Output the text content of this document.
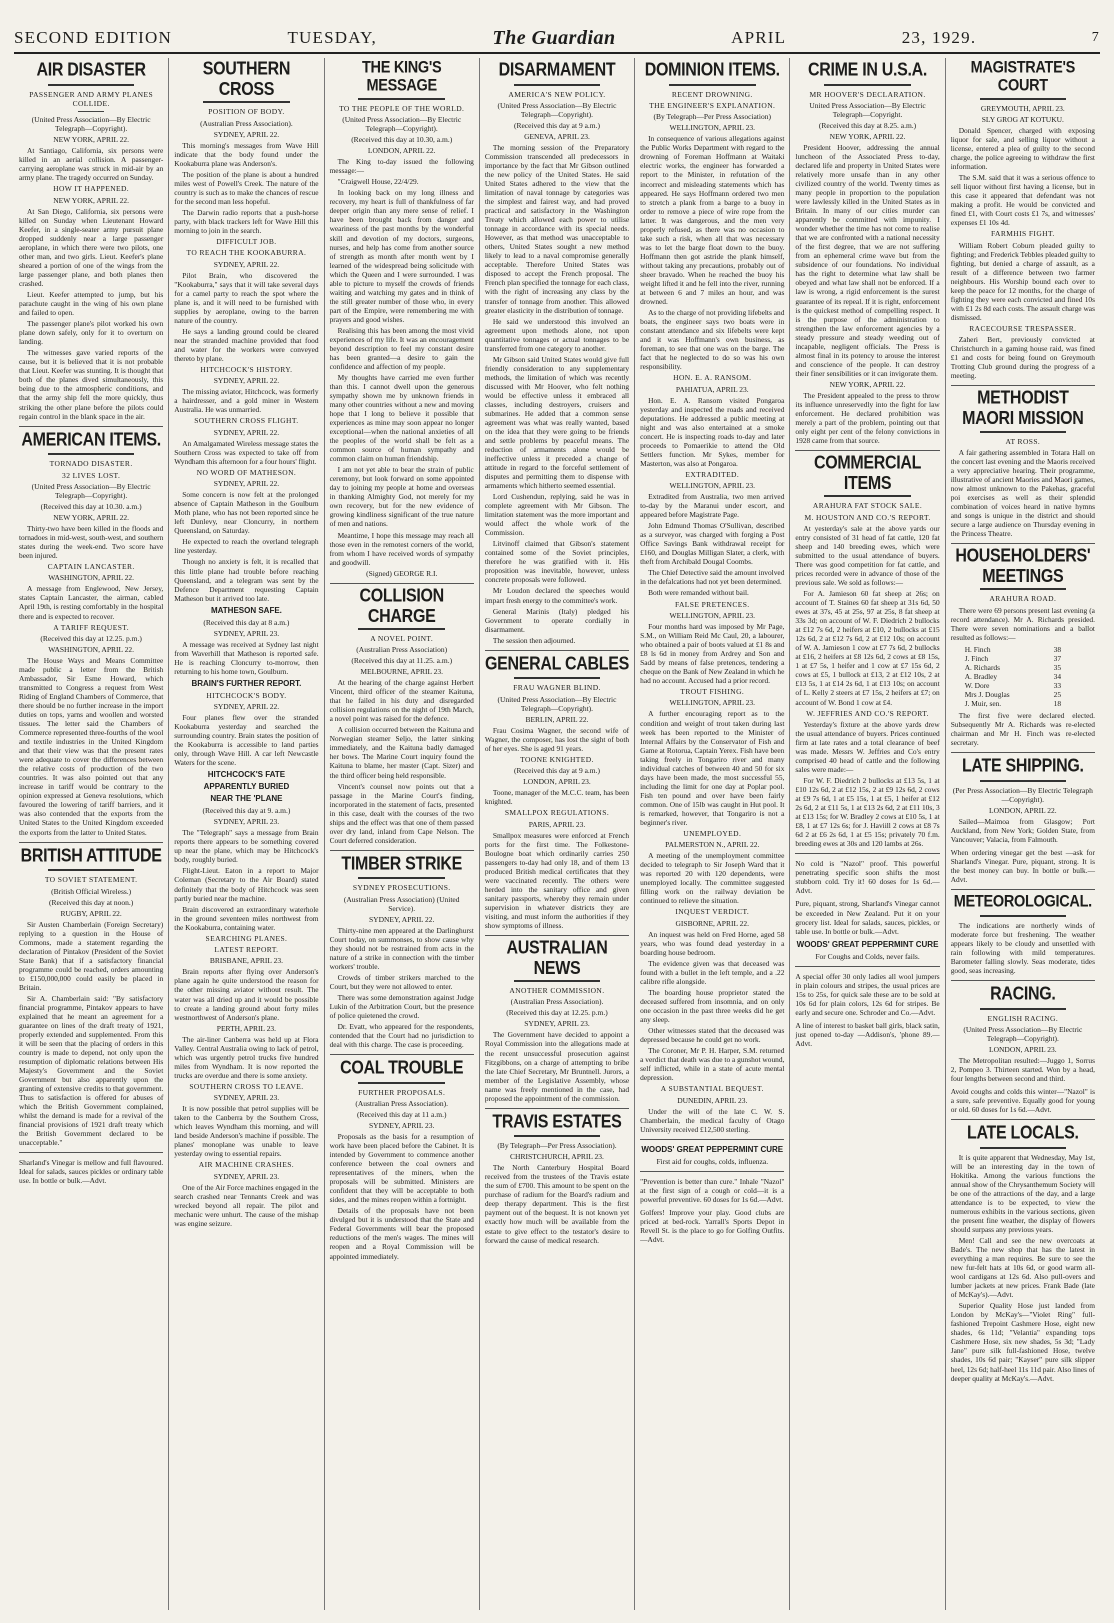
SECOND EDITION	TUESDAY,	The Guardian	APRIL	23, 1929.	7
AIR DISASTER
PASSENGER AND ARMY PLANES COLLIDE.
(United Press Association—By Electric Telegraph—Copyright).
NEW YORK, APRIL 22.

At Santiago, California, six persons were killed in an aerial collision. A passenger-carrying aeroplane was struck in mid-air by an army plane. The tragedy occurred on Sunday.

HOW IT HAPPENED.
NEW YORK, APRIL 22.

At San Diego, California, six persons were killed on Sunday when Lieutenant Howard Keefer, in a single-seater army pursuit plane dropped suddenly near a large passenger aeroplane, in which there were two pilots, one other man, and two girls. Lieut. Keefer's plane sheared a portion of one of the wings from the large passenger plane, and both planes then crashed.

Lieut. Keefer attempted to jump, but his parachute caught in the wing of his own plane and failed to open.

The passenger plane's pilot worked his own plane down safely, only for it to overturn on landing.

The witnesses gave varied reports of the cause, but it is believed that it is not probable that Lieut. Keefer was stunting. It is thought that both of the planes dived simultaneously, this being due to the atmospheric conditions, and that the army ship fell the more quickly, thus striking the other plane before the pilots could regain control in the blank space in the air.

AMERICAN ITEMS.
TORNADO DISASTER.
32 LIVES LOST.
(United Press Association—By Electric Telegraph—Copyright).
(Received this day at 10.30. a.m.)
NEW YORK, APRIL 22.

Thirty-two have been killed in the floods and tornadoes in mid-west, south-west, and southern states during the week-end. Two score have been injured.

CAPTAIN LANCASTER.
WASHINGTON, APRIL 22.

A message from Englewood, New Jersey, states Captain Lancaster, the airman, cabled April 19th, is resting comfortably in the hospital there and is expected to recover.

A TARIFF REQUEST.
(Received this day at 12.25. p.m.)
WASHINGTON, APRIL 22.

The House Ways and Means Committee made public a letter from the British Ambassador, Sir Esme Howard, which transmitted to Congress a request from West Riding of England Chambers of Commerce, that there should be no further increase in the import duties on tops, yarns and woollen and worsted tissues. The letter said the Chambers of Commerce represented three-fourths of the wool and textile industries in the United Kingdom and that their view was that the present rates were adequate to cover the differences between the relative costs of production of the two countries. It was also pointed out that any increase in tariff would be contrary to the opinion expressed at Geneva resolutions, which favoured the lowering of tariff barriers, and it was also contended that the exports from the United States to the United Kingdom exceeded the exports from the latter to United States.

BRITISH ATTITUDE
TO SOVIET STATEMENT.
(British Official Wireless.)
(Received this day at noon.)
RUGBY, APRIL 22.

Sir Austen Chamberlain (Foreign Secretary) replying to a question in the House of Commons, made a statement regarding the declaration of Pintakov (President of the Soviet State Bank) that if a satisfactory financial programme could be reached, orders amounting to £150,000,000 could easily be placed in Britain.

Sir A. Chamberlain said: "By satisfactory financial programme, Pintakov appears to have explained that he meant an agreement for a guarantee on lines of the draft treaty of 1921, properly extended and supplemented. From this it will be seen that the placing of orders in this country is made to depend, not only upon the resumption of diplomatic relations between His Majesty's Government and the Soviet Government but also apparently upon the granting of extensive credits to that government. Thus to satisfaction is offered for abuses of which the British Government complained, whilst the demand is made for a revival of the financial provisions of 1921 draft treaty which the British Government declared to be unacceptable."

Sharland's Vinegar is mellow and full flavoured. Ideal for salads, sauces pickles or ordinary table use. In bottle or bulk.—Advt.

SOUTHERN CROSS
POSITION OF BODY.
(Australian Press Association).
SYDNEY, APRIL 22.

This morning's messages from Wave Hill indicate that the body found under the Kookaburra plane was Anderson's.

The position of the plane is about a hundred miles west of Powell's Creek. The nature of the country is such as to make the chances of rescue for the second man less hopeful.

The Darwin radio reports that a push-horse party, with black trackers left for Wave Hill this morning to join in the search.

DIFFICULT JOB.
TO REACH THE KOOKABURRA.
SYDNEY, APRIL 22.

Pilot Brain, who discovered the "Kookaburra," says that it will take several days for a camel party to reach the spot where the plane is, and it will need to be furnished with supplies by aeroplane, owing to the barren nature of the country.

He says a landing ground could be cleared near the stranded machine provided that food and water for the workers were conveyed thereto by plane.

HITCHCOCK'S HISTORY.
SYDNEY, APRIL 22.

The missing aviator, Hitchcock, was formerly a hairdresser, and a gold miner in Western Australia. He was unmarried.

SOUTHERN CROSS FLIGHT.
SYDNEY, APRIL 22.

An Amalgamated Wireless message states the Southern Cross was expected to take off from Wyndham this afternoon for a four hours' flight.

NO WORD OF MATHESON.
SYDNEY, APRIL 22.

Some concern is now felt at the prolonged absence of Captain Matheson in the Goulburn Moth plane, who has not been reported since he left Dunlevy, near Cloncurry, in northern Queensland, on Saturday.

He expected to reach the overland telegraph line yesterday.

Though no anxiety is felt, it is recalled that this little plane had trouble before reaching Queensland, and a telegram was sent by the Defence Department requesting Captain Matheson but it arrived too late.

MATHESON SAFE.
(Received this day at 8 a.m.)
SYDNEY, APRIL 23.

A message was received at Sydney last night from Waverhill that Matheson is reported safe. He is reaching Cloncurry to-morrow, then returning to his home town, Goulburn.

BRAIN'S FURTHER REPORT.
HITCHCOCK'S BODY.
SYDNEY, APRIL 22.

Four planes flew over the stranded Kookaburra yesterday and searched the surrounding country. Brain states the position of the Kookaburra is accessible to land parties only, through Wave Hill. A car left Newcastle Waters for the scene.

HITCHCOCK'S FATE
APPARENTLY BURIED
NEAR THE 'PLANE
(Received this day at 9. a.m.)
SYDNEY, APRIL 23.

The "Telegraph" says a message from Brain reports there appears to be something covered up near the plane, which may be Hitchcock's body, roughly buried.

Flight-Lieut. Eaton in a report to Major Coleman (Secretary to the Air Board) stated definitely that the body of Hitchcock was seen partly buried near the machine.

Brain discovered an extraordinary waterhole in the ground seventeen miles northwest from the Kookaburra, containing water.

SEARCHING PLANES.
LATEST REPORT.
BRISBANE, APRIL 23.

Brain reports after flying over Anderson's plane again he quite understood the reason for the other missing aviator without result. The water was all dried up and it would be possible to create a landing ground about forty miles westnorthwest of Anderson's plane.

PERTH, APRIL 23.

The air-liner Canberra was held up at Flora Valley. Central Australia owing to lack of petrol, which was urgently petrol trucks five hundred miles from Wyndham. It is now reported the trucks are overdue and there is some anxiety.

SOUTHERN CROSS TO LEAVE.
SYDNEY, APRIL 23.

It is now possible that petrol supplies will be taken to the Canberra by the Southern Cross, which leaves Wyndham this morning, and will land beside Anderson's machine if possible. The planes' monoplane was unable to leave yesterday owing to essential repairs.

AIR MACHINE CRASHES.
SYDNEY, APRIL 23.

One of the Air Force machines engaged in the search crashed near Tennants Creek and was wrecked beyond all repair. The pilot and mechanic were unhurt. The cause of the mishap was engine seizure.

THE KING'S MESSAGE
TO THE PEOPLE OF THE WORLD.
(United Press Association—By Electric Telegraph—Copyright).
(Received this day at 10.30, a.m.)
LONDON, APRIL 22.

The King to-day issued the following message:—

"Craigwell House, 22/4/29.

In looking back on my long illness and recovery, my heart is full of thankfulness of far deeper origin than any mere sense of relief. I have been brought back from danger and weariness of the past months by the wonderful skill and devotion of my doctors, surgeons, nurses, and help has come from another source of strength as month after month went by I learned of the widespread being solicitude with which the Queen and I were surrounded. I was able to picture to myself the crowds of friends waiting and watching my gates and in think of the still greater number of those who, in every part of the Empire, were remembering me with prayers and good wishes.

Realising this has been among the most vivid experiences of my life. It was an encouragement beyond description to feel my constant desire has been granted—a desire to gain the confidence and affection of my people.

My thoughts have carried me even further than this. I cannot dwell upon the generous sympathy shown me by unknown friends in many other countries without a new and moving hope that I long to believe it possible that experiences as mine may soon appear no longer exceptional—when the national anxieties of all the peoples of the world shall be felt as a common source of human sympathy and common claim on human friendship.

I am not yet able to bear the strain of public ceremony, but look forward on some appointed day to joining my people at home and overseas in thanking Almighty God, not merely for my own recovery, but for the new evidence of growing kindliness significant of the true nature of men and nations.

Meantime, I hope this message may reach all those even in the remotest corners of the world, from whom I have received words of sympathy and goodwill.

(Signed) GEORGE R.I.
COLLISION CHARGE
A NOVEL POINT.
(Australian Press Association)
(Received this day at 11.25. a.m.)
MELBOURNE, APRIL 23.

At the hearing of the charge against Herbert Vincent, third officer of the steamer Kaituna, that he failed in his duty and disregarded collision regulations on the night of 19th March, a novel point was raised for the defence.

A collision occurred between the Kaituna and Norwegian steamer Seljo, the latter sinking immediately, and the Kaituna badly damaged her bows. The Marine Court inquiry found the Kaituna to blame, her master (Capt. Sizer) and the third officer being held responsible.

Vincent's counsel now points out that a passage in the Marine Court's finding, incorporated in the statement of facts, presented in this case, dealt with the courses of the two ships and the effect was that one of them passed over dry land, inland from Cape Nelson. The Court deferred consideration.

TIMBER STRIKE
SYDNEY PROSECUTIONS.
(Australian Press Association) (United Service).
SYDNEY, APRIL 22.

Thirty-nine men appeared at the Darlinghurst Court today, on summonses, to show cause why they should not be restrained from acts in the nature of a strike in connection with the timber workers' trouble.

Crowds of timber strikers marched to the Court, but they were not allowed to enter.

There was some demonstration against Judge Lukin of the Arbitration Court, but the presence of police quietened the crowd.

Dr. Evatt, who appeared for the respondents, contended that the Court had no jurisdiction to deal with this charge. The case is proceeding.

COAL TROUBLE
FURTHER PROPOSALS.
(Australian Press Association).
(Received this day at 11 a.m.)
SYDNEY, APRIL 23.

Proposals as the basis for a resumption of work have been placed before the Cabinet. It is intended by Government to commence another conference between the coal owners and representatives of the miners, when the proposals will be submitted. Ministers are confident that they will be acceptable to both sides, and the mines reopen within a fortnight.

Details of the proposals have not been divulged but it is understood that the State and Federal Governments will bear the proposed reductions of the men's wages. The mines will reopen and a Royal Commission will be appointed immediately.

DISARMAMENT
AMERICA'S NEW POLICY.
(United Press Association—By Electric Telegraph—Copyright).
(Received this day at 9 a.m.)
GENEVA, APRIL 23.

The morning session of the Preparatory Commission transcended all predecessors in importance by the fact that Mr Gibson outlined the new policy of the United States. He said United States adhered to the view that the limitation of naval tonnage by categories was the simplest and fairest way, and had proved practical and satisfactory in the Washington Treaty which allowed each power to utilise tonnage in accordance with its special needs. However, as that method was unacceptable to others, United States sought a new method likely to lead to a naval compromise generally acceptable. Therefore United States was disposed to accept the French proposal. The French plan specified the tonnage for each class, with the right of increasing any class by the transfer of tonnage from another. This allowed greater elasticity in the distribution of tonnage.

He said we understood this involved an agreement upon methods alone, not upon quantitative tonnages or actual tonnages to be transferred from one category to another.

Mr Gibson said United States would give full friendly consideration to any supplementary methods, the limitation of which was recently discussed with Mr Hoover, who felt nothing would be effective unless it embraced all classes, including destroyers, cruisers and submarines. He added that a common sense agreement was what was really wanted, based on the idea that they were going to be friends and settle problems by peaceful means. The reduction of armaments alone would be ineffective unless it preceded a change of attitude in regard to the forceful settlement of disputes and permitting them to dispense with armaments which hitherto seemed essential.

Lord Cushendun, replying, said he was in complete agreement with Mr Gibson. The limitation statement was the more important and would affect the whole work of the Commission.

Litvinoff claimed that Gibson's statement contained some of the Soviet principles, therefore he was gratified with it. His proposition was inevitable, however, unless concrete proposals were followed.

Mr Loudon declared the speeches would impart fresh energy to the committee's work.

General Marinis (Italy) pledged his Government to operate cordially in disarmament.

The session then adjourned.

GENERAL CABLES
FRAU WAGNER BLIND.
(United Press Association—By Electric Telegraph—Copyright).
BERLIN, APRIL 22.

Frau Cosima Wagner, the second wife of Wagner, the composer, has lost the sight of both of her eyes. She is aged 91 years.

TOONE KNIGHTED.
(Received this day at 9 a.m.)
LONDON, APRIL 23.

Toone, manager of the M.C.C. team, has been knighted.

SMALLPOX REGULATIONS.
PARIS, APRIL 23.

Smallpox measures were enforced at French ports for the first time. The Folkestone-Boulogne boat which ordinarily carries 250 passengers to-day had only 18, and of them 13 produced British medical certificates that they were vaccinated recently. The others were herded into the sanitary office and given sanitary passports, whereby they remain under supervision in whatever districts they are visiting, and must inform the authorities if they show symptoms of illness.

AUSTRALIAN NEWS
ANOTHER COMMISSION.
(Australian Press Association).
(Received this day at 12.25. p.m.)
SYDNEY, APRIL 23.

The Government have decided to appoint a Royal Commission into the allegations made at the recent unsuccessful prosecution against Fitzgibbons, on a charge of attempting to bribe the late Chief Secretary, Mr Bruntnell. Jurors, a member of the Legislative Assembly, whose name was freely mentioned in the case, had proposed the appointment of the commission.

TRAVIS ESTATES
(By Telegraph—Per Press Association).
CHRISTCHURCH, APRIL 23.

The North Canterbury Hospital Board received from the trustees of the Travis estate the sum of £700. This amount to be spent on the purchase of radium for the Board's radium and deep therapy department. This is the first payment out of the bequest. It is not known yet exactly how much will be available from the estate to give effect to the testator's desire to forward the cause of medical research.

DOMINION ITEMS.
RECENT DROWNING.
THE ENGINEER'S EXPLANATION.
(By Telegraph—Per Press Association)
WELLINGTON, APRIL 23.

In consequence of various allegations against the Public Works Department with regard to the drowning of Foreman Hoffmann at Waitaki electric works, the engineer has forwarded a report to the Minister, in refutation of the incorrect and misleading statements which has appeared. He says Hoffmann ordered two men to stretch a plank from a barge to a buoy in order to remove a piece of wire rope from the latter. It was dangerous, and the men very properly refused, as there was no occasion to take such a risk, when all that was necessary was to let the barge float down to the buoy. Hoffmann then got astride the plank himself, without taking any precautions, probably out of sheer bravado. When he reached the buoy his weight lifted it and he fell into the river, running at between 6 and 7 miles an hour, and was drowned.

As to the charge of not providing lifebelts and boats, the engineer says two boats were in constant attendance and six lifebelts were kept and it was Hoffmann's own business, as foreman, to see that one was on the barge. The fact that he neglected to do so was his own responsibility.

HON. E. A. RANSOM.
PAHIATUA, APRIL 23.

Hon. E. A. Ransom visited Pongaroa yesterday and inspected the roads and received deputations. He addressed a public meeting at night and was also entertained at a smoke concert. He is inspecting roads to-day and later proceeds to Pomaerikie to attend the Old Settlers function. Mr Sykes, member for Masterton, was also at Pongaroa.

EXTRADITED.
WELLINGTON, APRIL 23.

Extradited from Australia, two men arrived to-day by the Maranui under escort, and appeared before Magistrate Page.

John Edmund Thomas O'Sullivan, described as a surveyor, was charged with forging a Post Office Savings Bank withdrawal receipt for £160, and Douglas Milligan Slater, a clerk, with theft from Archibald Dougal Coombs.

The Chief Detective said the amount involved in the defalcations had not yet been determined.

Both were remanded without bail.

FALSE PRETENCES.
WELLINGTON, APRIL 23.

Four months hard was imposed by Mr Page, S.M., on William Reid Mc Caul, 20, a labourer, who obtained a pair of boots valued at £1 8s and £8 ls 6d in money from Ardrey and Son and Sadd by means of false pretences, tendering a cheque on the Bank of New Zealand in which he had no account. Accused had a prior record.

TROUT FISHING.
WELLINGTON, APRIL 23.

A further encouraging report as to the condition and weight of trout taken during last week has been reported to the Minister of Internal Affairs by the Conservator of Fish and Game at Rotorua, Captain Yerex. Fish have been taking freely in Tongariro river and many individual catches of between 40 and 50 for six days have been made, the most successful 55, including the limit for one day at Poplar pool. Fish ten pound and over have been fairly common. One of 15lb was caught in Hut pool. It is remarked, however, that Tongariro is not a beginner's river.

UNEMPLOYED.
PALMERSTON N., APRIL 22.

A meeting of the unemployment committee decided to telegraph to Sir Joseph Ward that it was reported 20 with 120 dependents, were unemployed locally. The committee suggested filling work on the railway deviation be continued to relieve the situation.

INQUEST VERDICT.
GISBORNE, APRIL 22.

An inquest was held on Fred Horne, aged 58 years, who was found dead yesterday in a boarding house bedroom.

The evidence given was that deceased was found with a bullet in the left temple, and a .22 calibre rifle alongside.

The boarding house proprietor stated the deceased suffered from insomnia, and on only one occasion in the past three weeks did he get any sleep.

Other witnesses stated that the deceased was depressed because he could get no work.

The Coroner, Mr P. H. Harper, S.M. returned a verdict that death was due to a gunshot wound, self inflicted, while in a state of acute mental depression.

A SUBSTANTIAL BEQUEST.
DUNEDIN, APRIL 23.

Under the will of the late C. W. S. Chamberlain, the medical faculty of Otago University received £12,500 sterling.

WOODS' GREAT PEPPERMINT CURE
First aid for coughs, colds, influenza.

"Prevention is better than cure." Inhale "Nazol" at the first sign of a cough or cold—it is a powerful preventive. 60 doses for 1s 6d.—Advt.

Golfers! Improve your play. Good clubs are priced at bed-rock. Yarrall's Sports Depot in Revell St. is the place to go for Golfing Outfits.—Advt.

CRIME IN U.S.A.
MR HOOVER'S DECLARATION.
United Press Association—By Electric Telegraph—Copyright.
(Received this day at 8.25. a.m.)
NEW YORK, APRIL 22.

President Hoover, addressing the annual luncheon of the Associated Press to-day, declared life and property in United States were relatively more unsafe than in any other civilized country of the world. Twenty times as many people in proportion to the population were lawlessly killed in the United States as in Britain. In many of our cities murder can apparently be committed with impunity. I wonder whether the time has not come to realise that we are confronted with a national necessity of the first degree, that we are not suffering from an ephemeral crime wave but from the subsidence of our foundations. No individual has the right to determine what law shall be obeyed and what law shall not be enforced. If a law is wrong, a rigid enforcement is the surest guarantee of its repeal. If it is right, enforcement is the quickest method of compelling respect. It is the purpose of the administration to strengthen the law enforcement agencies by a steady pressure and steady weeding out of incapable, negligent officials. The Press is almost final in its potency to arouse the interest and conscience of the people. It can destroy their finer sensibilities or it can invigorate them.

NEW YORK, APRIL 22.

The President appealed to the press to throw its influence unreservedly into the fight for law enforcement. He declared prohibition was merely a part of the problem, pointing out that only eight per cent of the felony convictions in 1928 came from that source.

COMMERCIAL ITEMS
ARAHURA FAT STOCK SALE.
M. HOUSTON AND CO.'S REPORT.

At yesterday's sale at the above yards our entry consisted of 31 head of fat cattle, 120 fat sheep and 140 breeding ewes, which were submitted to the usual attendance of buyers. There was good competition for fat cattle, and prices recorded were in advance of those of the previous sale. We sold as follows:—

For A. Jamieson 60 fat sheep at 26s; on account of T. Staines 60 fat sheep at 31s 6d, 50 ewes at 37s, 45 at 25s, 97 at 25s, 8 fat sheep at 33s 3d; on account of W. F. Diedrich 2 bullocks at £12 7s 6d, 2 heifers at £10, 2 bullocks at £15 12s 6d, 2 at £12 7s 6d, 2 at £12 10s; on account of W. A. Jamieson 1 cow at £7 7s 6d, 2 bullocks at £16, 2 heifers at £8 12s 6d, 2 cows at £8 15s, 1 at £7 5s, 1 heifer and 1 cow at £7 15s 6d, 2 cows at £5, 1 bullock at £13, 2 at £12 10s, 2 at £13 5s, 1 at £14 2s 6d, 1 at £13 10s; on account of L. Kelly 2 steers at £7 15s, 2 heifers at £7; on account of W. Bond 1 cow at £4.

W. JEFFRIES AND CO.'S REPORT.

Yesterday's fixture at the above yards drew the usual attendance of buyers. Prices continued firm at late rates and a total clearance of beef was made. Messrs W. Jeffries and Co's entry comprised 40 head of cattle and the following sales were made:—

For W. F. Diedrich 2 bullocks at £13 5s, 1 at £10 12s 6d, 2 at £12 15s, 2 at £9 12s 6d, 2 cows at £9 7s 6d, 1 at £5 15s, 1 at £5, 1 heifer at £12 2s 6d, 2 at £11 5s, 1 at £13 2s 6d, 2 at £11 10s, 3 at £13 15s; for W. Bradley 2 cows at £10 5s, 1 at £8, 1 at £7 12s 6s; for J. Haviill 2 cows at £8 7s 6d 2 at £6 2s 6d, 1 at £5 15s; privately 70 f.m. breeding ewes at 30s and 120 lambs at 26s.

No cold is "Nazol" proof. This powerful penetrating specific soon shifts the most stubborn cold. Try it! 60 doses for 1s 6d.—Advt.

Pure, piquant, strong, Sharland's Vinegar cannot be exceeded in New Zealand. Put it on your grocery list. Ideal for salads, sauces, pickles, or table use. In bottle or bulk.—Advt.

WOODS' GREAT PEPPERMINT CURE
For Coughs and Colds, never fails.

A special offer 30 only ladies all wool jumpers in plain colours and stripes, the usual prices are 15s to 25s, for quick sale these are to be sold at 10s 6d for plain colors, 12s 6d for stripes. Be early and secure one. Schroder and Co.—Advt.

A line of interest to basket ball girls, black satin, just opened to-day —Addison's, 'phone 89.—Advt.

MAGISTRATE'S COURT
GREYMOUTH, APRIL 23.
SLY GROG AT KOTUKU.

Donald Spencer, charged with exposing liquor for sale, and selling liquor without a license, entered a plea of guilty to the second charge, the police agreeing to withdraw the first information.

The S.M. said that it was a serious offence to sell liquor without first having a license, but in this case it appeared that defendant was not making a profit. He would be convicted and fined £1, with Court costs £1 7s, and witnesses' expenses £1 10s 4d.

FARMHIS FIGHT.

William Robert Coburn pleaded guilty to fighting; and Frederick Tebbles pleaded guilty to fighting, but denied a charge of assault, as a result of a difference between two farmer neighbours. His Worship bound each over to keep the peace for 12 months, for the charge of fighting they were each convicted and fined 10s with £1 2s 8d each costs. The assault charge was dismissed.

RACECOURSE TRESPASSER.

Zaheri Bert, previously convicted at Christchurch in a gaming house raid, was fined £1 and costs for being found on Greymouth Trotting Club ground during the progress of a meeting.

METHODIST MAORI MISSION
AT ROSS.

A fair gathering assembled in Totara Hall on the concert last evening and the Maoris received a very appreciative hearing. Their programme, illustrative of ancient Maories and Maori games, now almost unknown to the Pakehas, graceful poi exercises as well as their splendid combination of voices heard in native hymns and songs is unique in the district and should secure a large audience on Thursday evening in the Princess Theatre.

HOUSEHOLDERS' MEETINGS
ARAHURA ROAD.

There were 69 persons present last evening (a record attendance). Mr A. Richards presided. There were seven nominations and a ballot resulted as follows:—

H. Finch	38
J. Finch	37
A. Richards	35
A. Bradley	34
W. Dore	33
Mrs J. Douglas	25
J. Muir, sen.	18

The first five were declared elected. Subsequently Mr A. Richards was re-elected chairman and Mr H. Finch was re-elected secretary.

LATE SHIPPING.
(Per Press Association—By Electric Telegraph—Copyright).
LONDON, APRIL 22.

Sailed—Maimoa from Glasgow; Port Auckland, from New York; Golden State, from Vancouver; Valacia, from Falmouth.

When ordering vinegar get the best —ask for Sharland's Vinegar. Pure, piquant, strong. It is the best money can buy. In bottle or bulk.—Advt.

METEOROLOGICAL.

The indications are northerly winds of moderate force but freshening. The weather appears likely to be cloudy and unsettled with rain following with mild temperatures. Barometer falling slowly. Seas moderate, tides good, seas increasing.

RACING.
ENGLISH RACING.
(United Press Association—By Electric Telegraph—Copyright).
LONDON, APRIL 23.

The Metropolitan resulted:—Juggo 1, Sorrus 2, Pompeo 3. Thirteen started. Won by a head, four lengths between second and third.

Avoid coughs and colds this winter—"Nazol" is a sure, safe preventive. Equally good for young or old. 60 doses for 1s 6d.—Advt.

LATE LOCALS.

It is quite apparent that Wednesday, May 1st, will be an interesting day in the town of Hokitika. Among the various functions the annual show of the Chrysanthemum Society will be one of the attractions of the day, and a large attendance is to be expected, to view the numerous exhibits in the various sections, given the present fine weather, the display of flowers should surpass any previous years.

Men! Call and see the new overcoats at Bade's. The new shop that has the latest in everything a man requires. Be sure to see the new fur-felt hats at 10s 6d, or good warm all-wool cardigans at 12s 6d. Also pull-overs and lumber jackets at new prices. Frank Bade (late of McKay's).—Advt.

Superior Quality Hose just landed from London by McKay's—"Violet Ring" full-fashioned Trepoint Cashmere Hose, eight new shades, 6s 11d; "Velantia" expanding tops Cashmere Hose, six new shades, 5s 3d; "Lady Jane" pure silk full-fashioned Hose, twelve shades, 10s 6d pair; "Kayser" pure silk slipper heel, 12s 6d; half-heel 11s 11d pair. Also lines of deeper quality at McKay's.—Advt.
